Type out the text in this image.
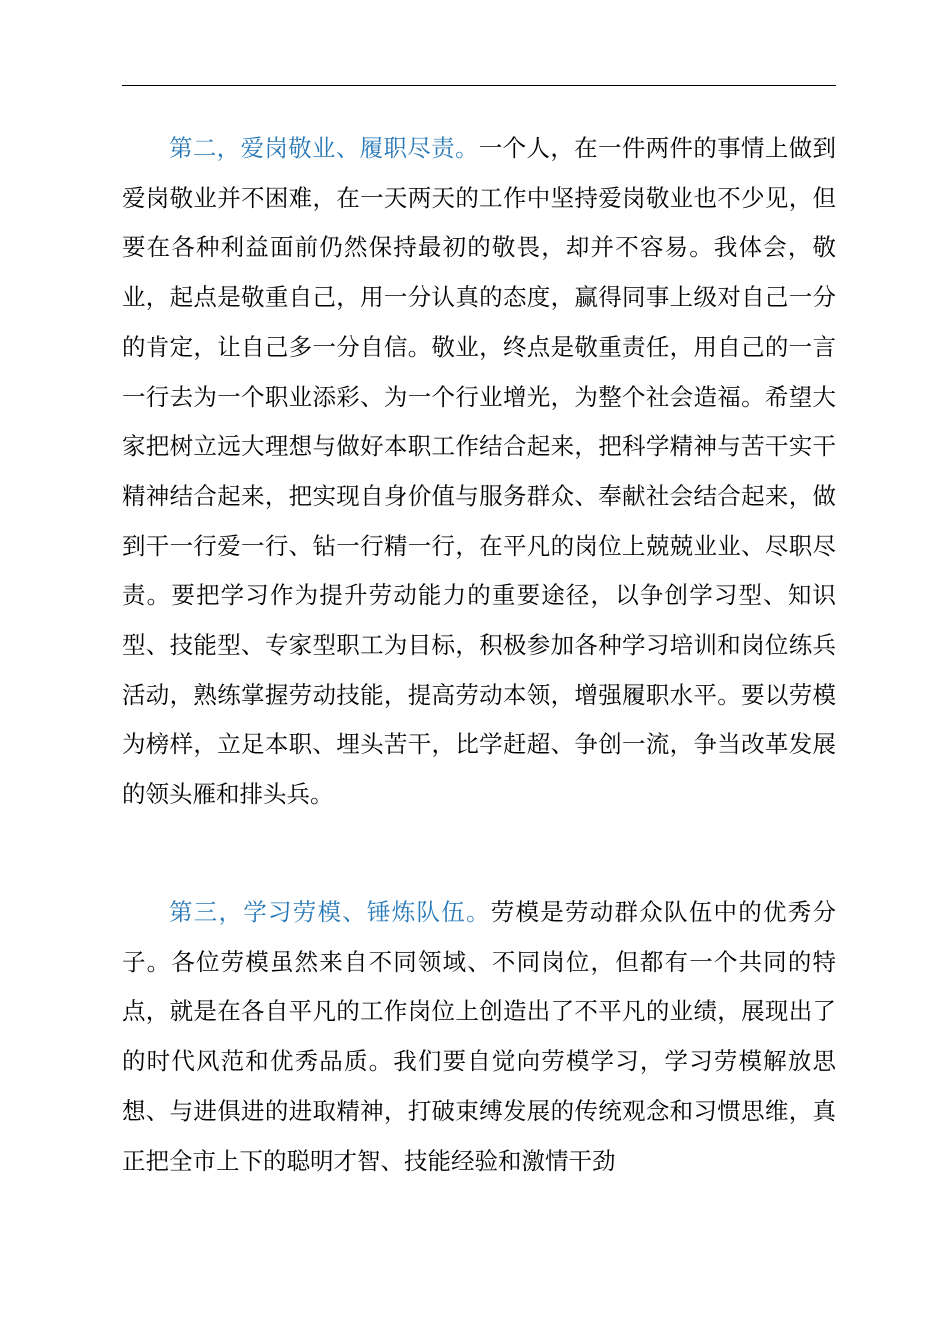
第二，爱岗敬业、履职尽责。一个人，在一件两件的事情上做到爱岗敬业并不困难，在一天两天的工作中坚持爱岗敬业也不少见，但要在各种利益面前仍然保持最初的敬畏，却并不容易。我体会，敬业，起点是敬重自己，用一分认真的态度，赢得同事上级对自己一分的肯定，让自己多一分自信。敬业，终点是敬重责任，用自己的一言一行去为一个职业添彩、为一个行业增光，为整个社会造福。希望大家把树立远大理想与做好本职工作结合起来，把科学精神与苦干实干精神结合起来，把实现自身价值与服务群众、奉献社会结合起来，做到干一行爱一行、钻一行精一行，在平凡的岗位上兢兢业业、尽职尽责。要把学习作为提升劳动能力的重要途径，以争创学习型、知识型、技能型、专家型职工为目标，积极参加各种学习培训和岗位练兵活动，熟练掌握劳动技能，提高劳动本领，增强履职水平。要以劳模为榜样，立足本职、埋头苦干，比学赶超、争创一流，争当改革发展的领头雁和排头兵。

第三，学习劳模、锤炼队伍。劳模是劳动群众队伍中的优秀分子。各位劳模虽然来自不同领域、不同岗位，但都有一个共同的特点，就是在各自平凡的工作岗位上创造出了不平凡的业绩，展现出了的时代风范和优秀品质。我们要自觉向劳模学习，学习劳模解放思想、与进俱进的进取精神，打破束缚发展的传统观念和习惯思维，真正把全市上下的聪明才智、技能经验和激情干劲
